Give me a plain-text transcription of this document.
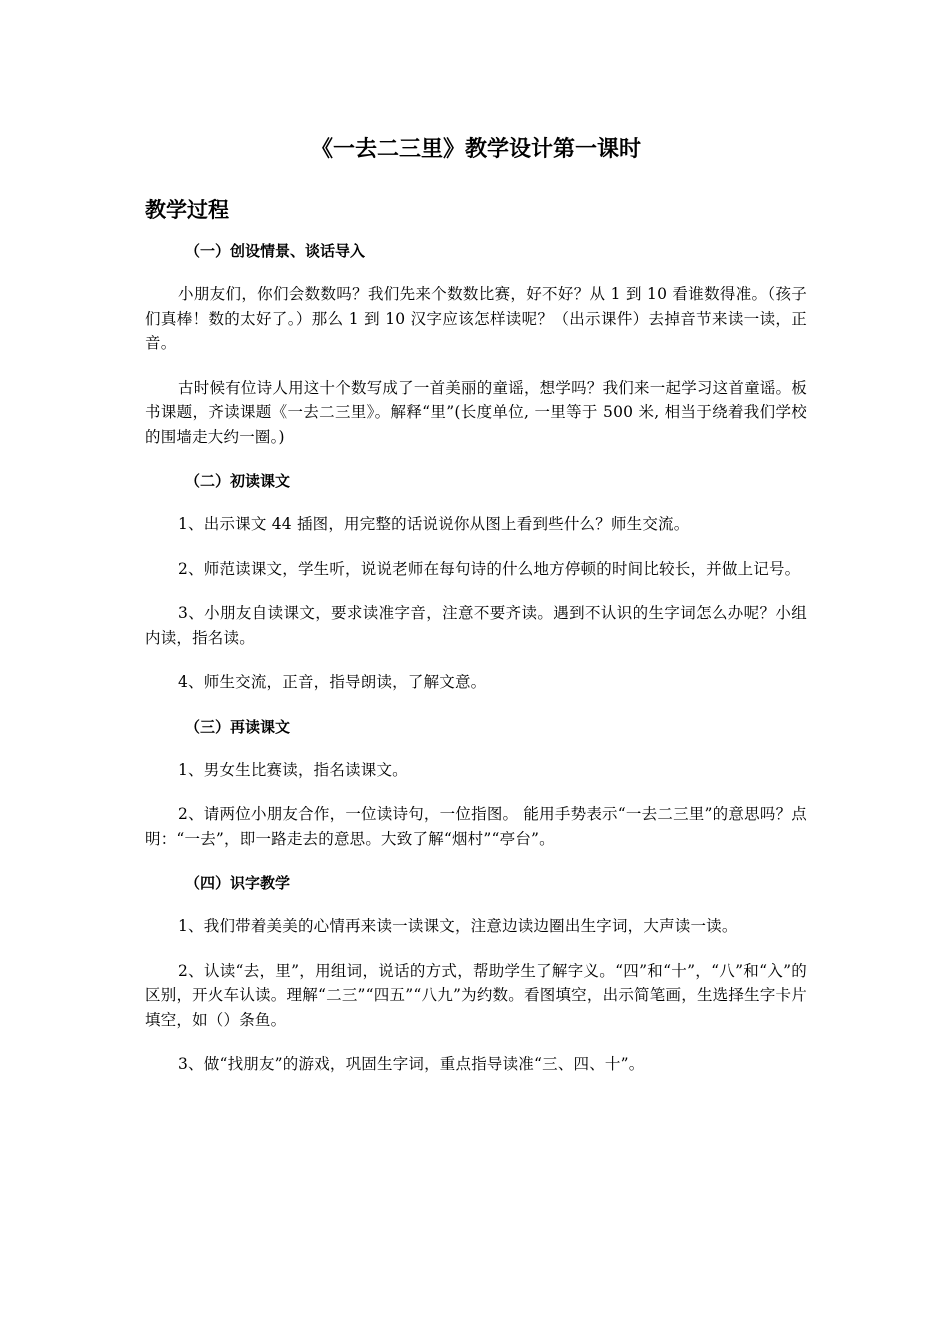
《一去二三里》教学设计第一课时
教学过程
（一）创设情景、谈话导入

小朋友们，你们会数数吗？我们先来个数数比赛，好不好？从 1 到 10 看谁数得准。（孩子们真棒！数的太好了。）那么 1 到 10 汉字应该怎样读呢？（出示课件）去掉音节来读一读，正音。

古时候有位诗人用这十个数写成了一首美丽的童谣，想学吗？我们来一起学习这首童谣。板书课题，齐读课题《一去二三里》。解释“里”(长度单位, 一里等于 500 米, 相当于绕着我们学校的围墙走大约一圈。)

（二）初读课文

1、出示课文 44 插图，用完整的话说说你从图上看到些什么？师生交流。

2、师范读课文，学生听，说说老师在每句诗的什么地方停顿的时间比较长，并做上记号。

3、小朋友自读课文，要求读准字音，注意不要齐读。遇到不认识的生字词怎么办呢？小组内读，指名读。

4、师生交流，正音，指导朗读，了解文意。

（三）再读课文

1、男女生比赛读，指名读课文。

2、请两位小朋友合作，一位读诗句，一位指图。 能用手势表示“一去二三里”的意思吗？点明：“一去”，即一路走去的意思。大致了解“烟村”“亭台”。

（四）识字教学

1、我们带着美美的心情再来读一读课文，注意边读边圈出生字词，大声读一读。

2、认读“去，里”，用组词，说话的方式，帮助学生了解字义。“四”和“十”，“八”和“入”的区别，开火车认读。理解“二三”“四五”“八九”为约数。看图填空，出示简笔画，生选择生字卡片填空，如（）条鱼。

3、做“找朋友”的游戏，巩固生字词，重点指导读准“三、四、十”。
